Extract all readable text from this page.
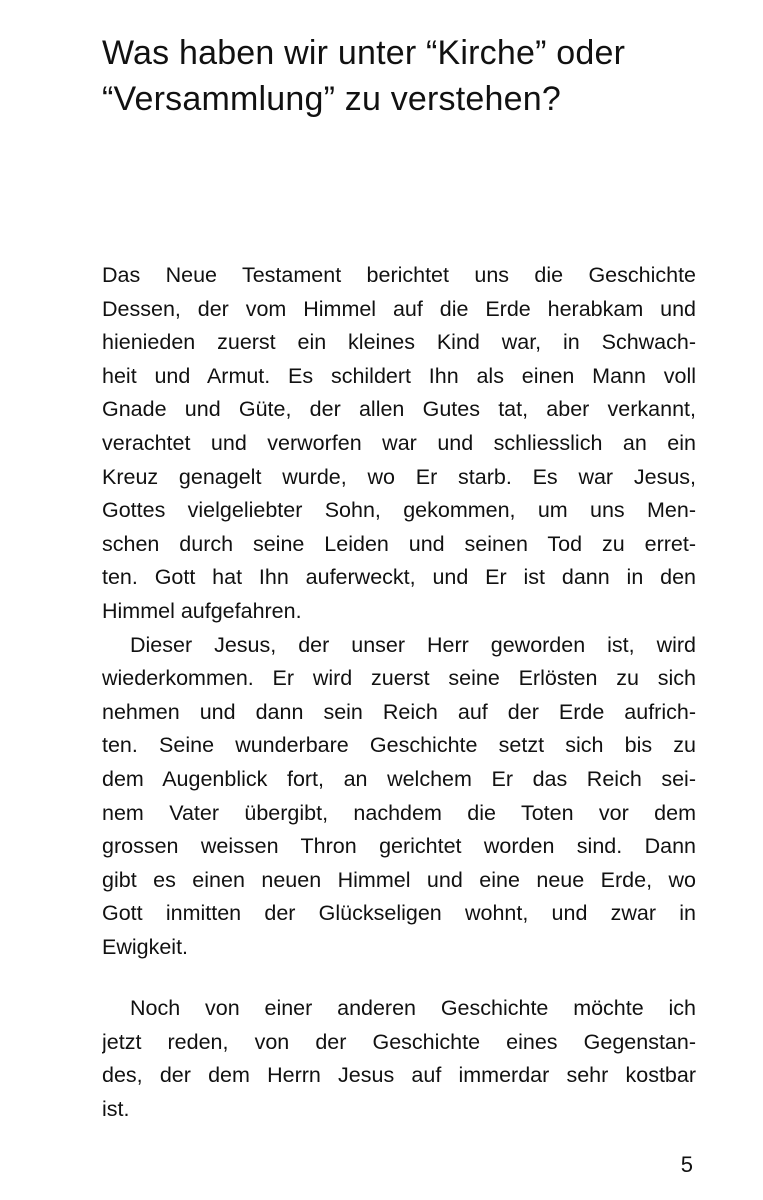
Was haben wir unter “Kirche” oder
“Versammlung” zu verstehen?
Das Neue Testament berichtet uns die Geschichte
Dessen, der vom Himmel auf die Erde herabkam und
hienieden zuerst ein kleines Kind war, in Schwach-
heit und Armut. Es schildert Ihn als einen Mann voll
Gnade und Güte, der allen Gutes tat, aber verkannt,
verachtet und verworfen war und schliesslich an ein
Kreuz genagelt wurde, wo Er starb. Es war Jesus,
Gottes vielgeliebter Sohn, gekommen, um uns Men-
schen durch seine Leiden und seinen Tod zu erret-
ten. Gott hat Ihn auferweckt, und Er ist dann in den
Himmel aufgefahren.
Dieser Jesus, der unser Herr geworden ist, wird
wiederkommen. Er wird zuerst seine Erlösten zu sich
nehmen und dann sein Reich auf der Erde aufrich-
ten. Seine wunderbare Geschichte setzt sich bis zu
dem Augenblick fort, an welchem Er das Reich sei-
nem Vater übergibt, nachdem die Toten vor dem
grossen weissen Thron gerichtet worden sind. Dann
gibt es einen neuen Himmel und eine neue Erde, wo
Gott inmitten der Glückseligen wohnt, und zwar in
Ewigkeit.
Noch von einer anderen Geschichte möchte ich
jetzt reden, von der Geschichte eines Gegenstan-
des, der dem Herrn Jesus auf immerdar sehr kostbar
ist.
5
